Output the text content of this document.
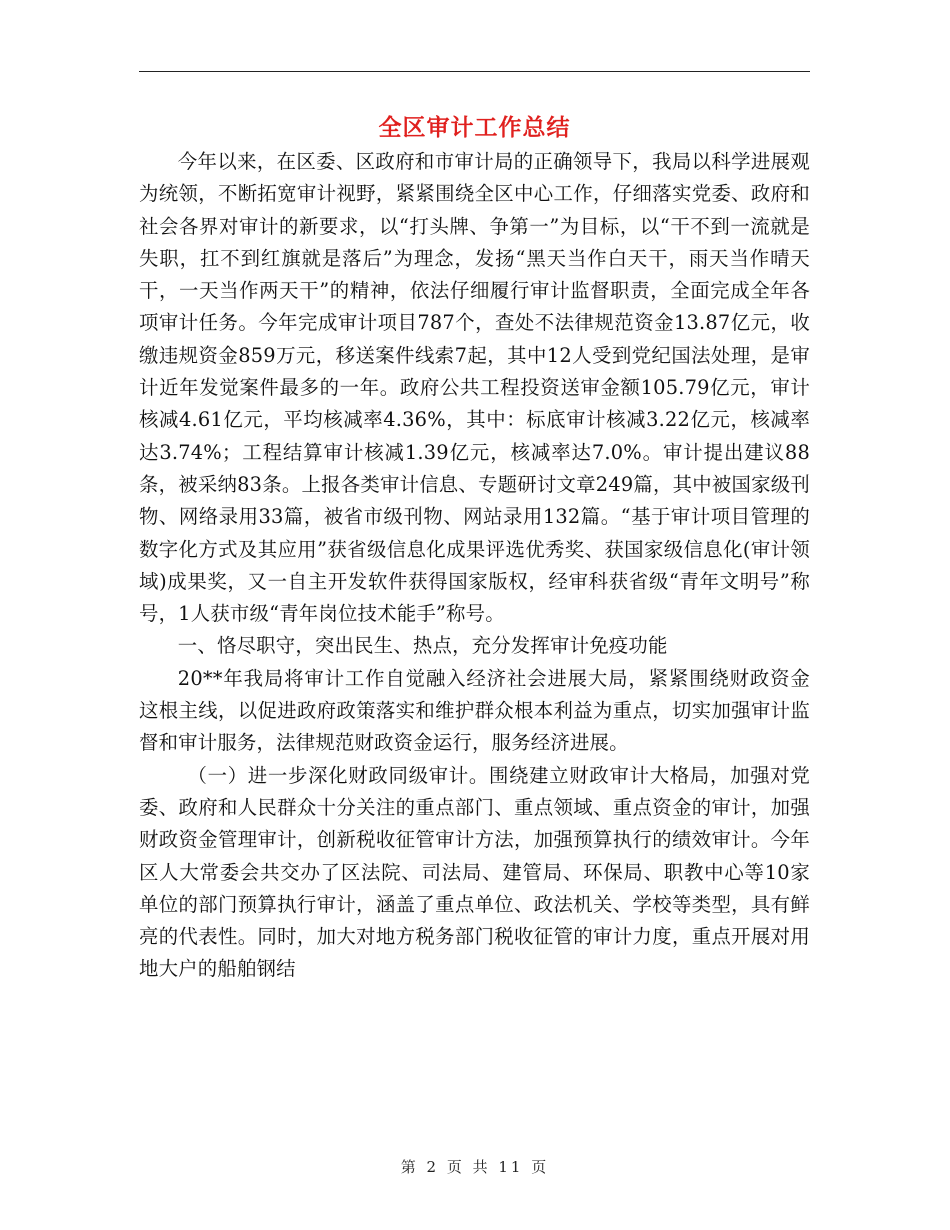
全区审计工作总结

今年以来，在区委、区政府和市审计局的正确领导下，我局以科学进展观为统领，不断拓宽审计视野，紧紧围绕全区中心工作，仔细落实党委、政府和社会各界对审计的新要求，以“打头牌、争第一”为目标，以“干不到一流就是失职，扛不到红旗就是落后”为理念，发扬“黑天当作白天干，雨天当作晴天干，一天当作两天干”的精神，依法仔细履行审计监督职责，全面完成全年各项审计任务。今年完成审计项目787个，查处不法律规范资金13.87亿元，收缴违规资金859万元，移送案件线索7起，其中12人受到党纪国法处理，是审计近年发觉案件最多的一年。政府公共工程投资送审金额105.79亿元，审计核减4.61亿元，平均核减率4.36%，其中：标底审计核减3.22亿元，核减率达3.74%；工程结算审计核减1.39亿元，核减率达7.0%。审计提出建议88条，被采纳83条。上报各类审计信息、专题研讨文章249篇，其中被国家级刊物、网络录用33篇，被省市级刊物、网站录用132篇。“基于审计项目管理的数字化方式及其应用”获省级信息化成果评选优秀奖、获国家级信息化(审计领域)成果奖，又一自主开发软件获得国家版权，经审科获省级“青年文明号”称号，1人获市级“青年岗位技术能手”称号。

一、恪尽职守，突出民生、热点，充分发挥审计免疫功能

20**年我局将审计工作自觉融入经济社会进展大局，紧紧围绕财政资金这根主线，以促进政府政策落实和维护群众根本利益为重点，切实加强审计监督和审计服务，法律规范财政资金运行，服务经济进展。

（一）进一步深化财政同级审计。围绕建立财政审计大格局，加强对党委、政府和人民群众十分关注的重点部门、重点领域、重点资金的审计，加强财政资金管理审计，创新税收征管审计方法，加强预算执行的绩效审计。今年区人大常委会共交办了区法院、司法局、建管局、环保局、职教中心等10家单位的部门预算执行审计，涵盖了重点单位、政法机关、学校等类型，具有鲜亮的代表性。同时，加大对地方税务部门税收征管的审计力度，重点开展对用地大户的船舶钢结

第 2 页 共 11 页
